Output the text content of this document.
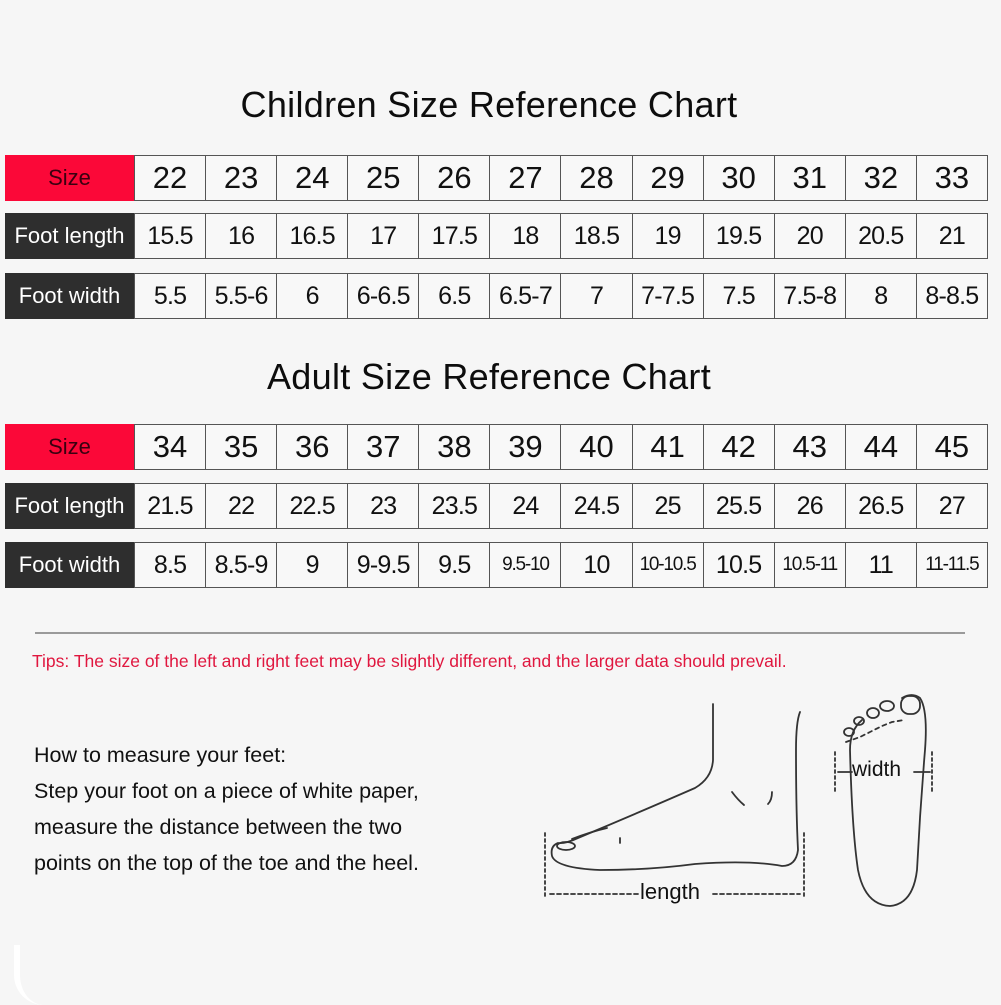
Children Size Reference Chart
Size	22	23	24	25	26	27	28	29	30	31	32	33
Foot length 15.5	16	16.5	17	17.5	18	18.5	19	19.5	20	20.5	21
Foot width	5.5	5.5-6	6	6-6.5	6.5	6.5-7	7	7-7.5	7.5	7.5-8	8	8-8.5
Adult Size Reference Chart
Size	34	35	36	37	38	39	40	41	42	43	44	45
Foot length 21.5	22	22.5	23	23.5	24	24.5	25	25.5	26	26.5	27
Foot width	8.5	8.5-9	9	9-9.5	9.5	9.5-10	10	10-10.5 10.5	10.5-11	11	11-11.5
Tips: The size of the left and right feet may be slightly different, and the larger data should prevail.
How to measure your feet:
Step your foot on a piece of white paper,
measure the distance between the two
points on the top of the toe and the heel.
length
width
